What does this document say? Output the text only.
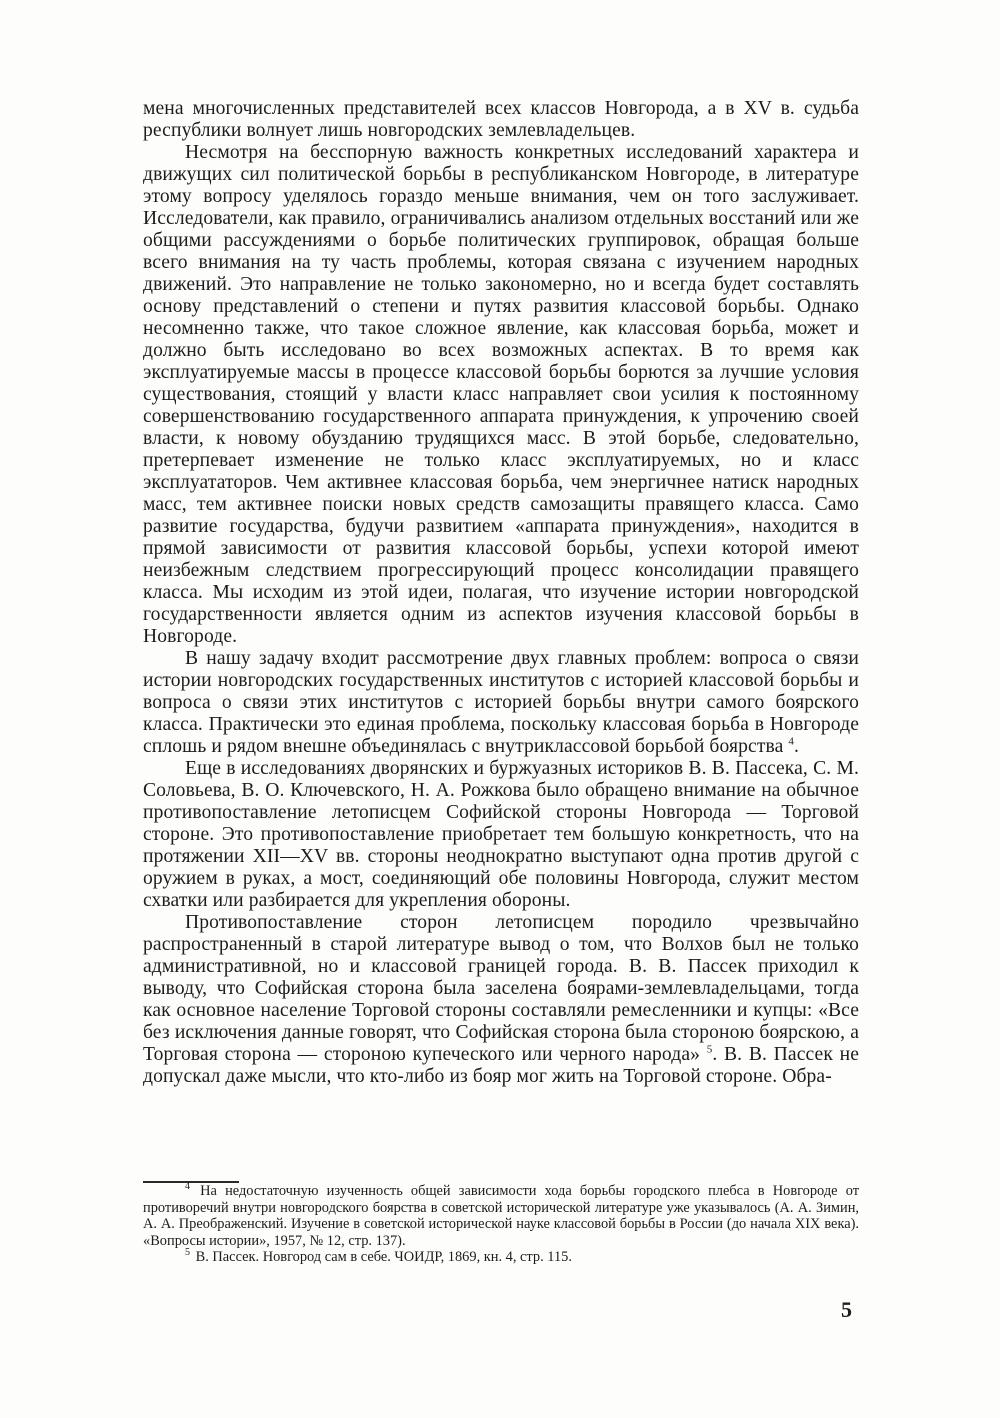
мена многочисленных представителей всех классов Новгорода, а в XV в. судьба республики волнует лишь новгородских землевладельцев.

Несмотря на бесспорную важность конкретных исследований характера и движущих сил политической борьбы в республиканском Новгороде, в литературе этому вопросу уделялось гораздо меньше внимания, чем он того заслуживает. Исследователи, как правило, ограничивались анализом отдельных восстаний или же общими рассуждениями о борьбе политических группировок, обращая больше всего внимания на ту часть проблемы, которая связана с изучением народных движений. Это направление не только закономерно, но и всегда будет составлять основу представлений о степени и путях развития классовой борьбы. Однако несомненно также, что такое сложное явление, как классовая борьба, может и должно быть исследовано во всех возможных аспектах. В то время как эксплуатируемые массы в процессе классовой борьбы борются за лучшие условия существования, стоящий у власти класс направляет свои усилия к постоянному совершенствованию государственного аппарата принуждения, к упрочению своей власти, к новому обузданию трудящихся масс. В этой борьбе, следовательно, претерпевает изменение не только класс эксплуатируемых, но и класс эксплуататоров. Чем активнее классовая борьба, чем энергичнее натиск народных масс, тем активнее поиски новых средств самозащиты правящего класса. Само развитие государства, будучи развитием «аппарата принуждения», находится в прямой зависимости от развития классовой борьбы, успехи которой имеют неизбежным следствием прогрессирующий процесс консолидации правящего класса. Мы исходим из этой идеи, полагая, что изучение истории новгородской государственности является одним из аспектов изучения классовой борьбы в Новгороде.

В нашу задачу входит рассмотрение двух главных проблем: вопроса о связи истории новгородских государственных институтов с историей классовой борьбы и вопроса о связи этих институтов с историей борьбы внутри самого боярского класса. Практически это единая проблема, поскольку классовая борьба в Новгороде сплошь и рядом внешне объединялась с внутриклассовой борьбой боярства $^4$.

Еще в исследованиях дворянских и буржуазных историков В. В. Пассека, С. М. Соловьева, В. О. Ключевского, Н. А. Рожкова было обращено внимание на обычное противопоставление летописцем Софийской стороны Новгорода — Торговой стороне. Это противопоставление приобретает тем большую конкретность, что на протяжении XII—XV вв. стороны неоднократно выступают одна против другой с оружием в руках, а мост, соединяющий обе половины Новгорода, служит местом схватки или разбирается для укрепления обороны.

Противопоставление сторон летописцем породило чрезвычайно распространенный в старой литературе вывод о том, что Волхов был не только административной, но и классовой границей города. В. В. Пассек приходил к выводу, что Софийская сторона была заселена боярами-землевладельцами, тогда как основное население Торговой стороны составляли ремесленники и купцы: «Все без исключения данные говорят, что Софийская сторона была стороною боярскою, а Торговая сторона — стороною купеческого или черного народа» $^5$. В. В. Пассек не допускал даже мысли, что кто-либо из бояр мог жить на Торговой стороне. Обра-

$^4$ На недостаточную изученность общей зависимости хода борьбы городского плебса в Новгороде от противоречий внутри новгородского боярства в советской исторической литературе уже указывалось (А. А. Зимин, А. А. Преображенский. Изучение в советской исторической науке классовой борьбы в России (до начала XIX века). «Вопросы истории», 1957, № 12, стр. 137).

$^5$ В. Пассек. Новгород сам в себе. ЧОИДР, 1869, кн. 4, стр. 115.

5
